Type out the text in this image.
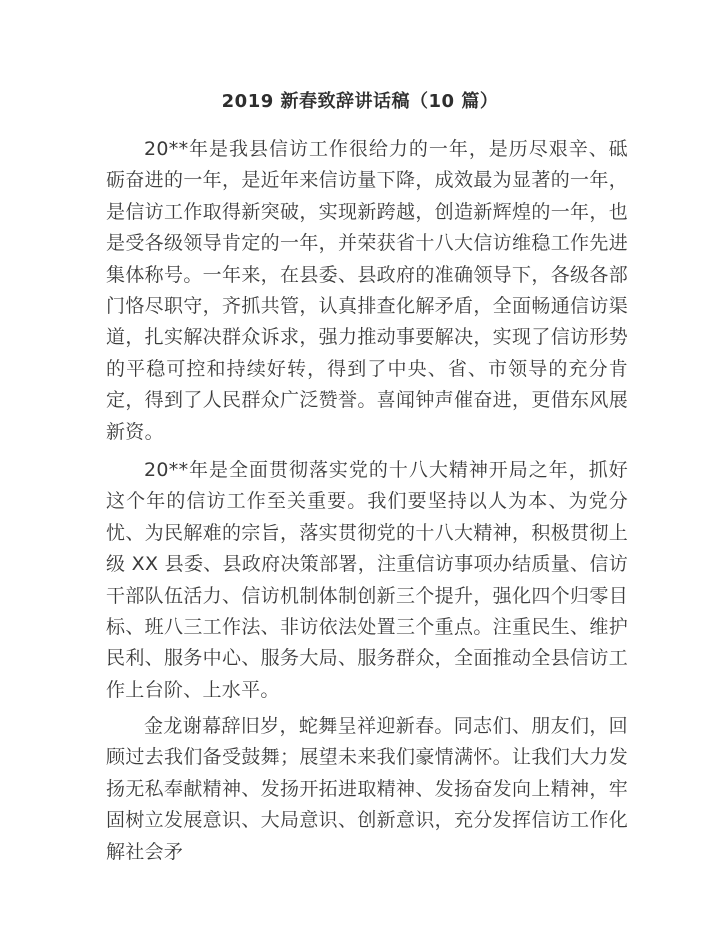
2019 新春致辞讲话稿（10 篇）

20**年是我县信访工作很给力的一年，是历尽艰辛、砥砺奋进的一年，是近年来信访量下降，成效最为显著的一年，是信访工作取得新突破，实现新跨越，创造新辉煌的一年，也是受各级领导肯定的一年，并荣获省十八大信访维稳工作先进集体称号。一年来，在县委、县政府的准确领导下，各级各部门恪尽职守，齐抓共管，认真排查化解矛盾，全面畅通信访渠道，扎实解决群众诉求，强力推动事要解决，实现了信访形势的平稳可控和持续好转，得到了中央、省、市领导的充分肯定，得到了人民群众广泛赞誉。喜闻钟声催奋进，更借东风展新资。

20**年是全面贯彻落实党的十八大精神开局之年，抓好这个年的信访工作至关重要。我们要坚持以人为本、为党分忧、为民解难的宗旨，落实贯彻党的十八大精神，积极贯彻上级 XX 县委、县政府决策部署，注重信访事项办结质量、信访干部队伍活力、信访机制体制创新三个提升，强化四个归零目标、班八三工作法、非访依法处置三个重点。注重民生、维护民利、服务中心、服务大局、服务群众，全面推动全县信访工作上台阶、上水平。

金龙谢幕辞旧岁，蛇舞呈祥迎新春。同志们、朋友们，回顾过去我们备受鼓舞；展望未来我们豪情满怀。让我们大力发扬无私奉献精神、发扬开拓进取精神、发扬奋发向上精神，牢固树立发展意识、大局意识、创新意识，充分发挥信访工作化解社会矛
